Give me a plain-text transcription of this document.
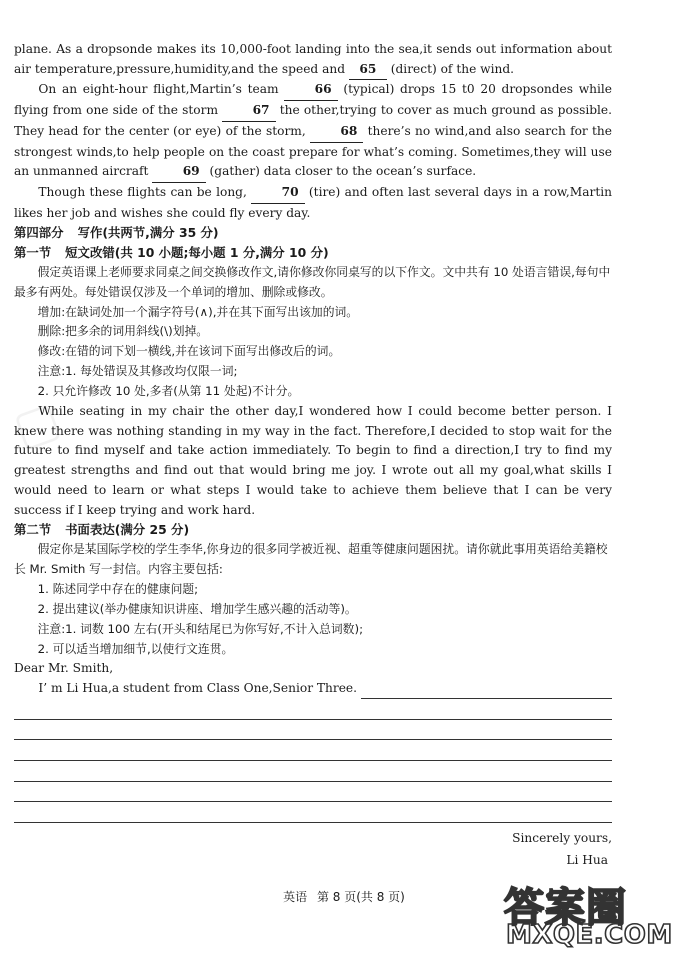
▢

plane. As a dropsonde makes its 10,000-foot landing into the sea,it sends out information about air temperature,pressure,humidity,and the speed and 65 (direct) of the wind.

On an eight-hour flight,Martin’s team	66 (typical) drops 15 t0 20 dropsondes while flying from one side of the storm	67 the other,trying to cover as much ground as possible. They head for the center (or eye) of the storm,	68 there’s no wind,and also search for the strongest winds,to help people on the coast prepare for what’s coming. Sometimes,they will use an unmanned aircraft	69 (gather) data closer to the ocean’s surface.

Though these flights can be long,	70 (tire) and often last several days in a row,Martin likes her job and wishes she could fly every day.

第四部分 写作(共两节,满分 35 分)

第一节 短文改错(共 10 小题;每小题 1 分,满分 10 分)

假定英语课上老师要求同桌之间交换修改作文,请你修改你同桌写的以下作文。文中共有 10 处语言错误,每句中最多有两处。每处错误仅涉及一个单词的增加、删除或修改。

增加:在缺词处加一个漏字符号(∧),并在其下面写出该加的词。

删除:把多余的词用斜线(\)划掉。

修改:在错的词下划一横线,并在该词下面写出修改后的词。

注意:1. 每处错误及其修改均仅限一词;

2. 只允许修改 10 处,多者(从第 11 处起)不计分。

While seating in my chair the other day,I wondered how I could become better person. I knew there was nothing standing in my way in the fact. Therefore,I decided to stop wait for the future to find myself and take action immediately. To begin to find a direction,I try to find my greatest strengths and find out that would bring me joy. I wrote out all my goal,what skills I would need to learn or what steps I would take to achieve them believe that I can be very success if I keep trying and work hard.

第二节 书面表达(满分 25 分)

假定你是某国际学校的学生李华,你身边的很多同学被近视、超重等健康问题困扰。请你就此事用英语给美籍校长 Mr. Smith 写一封信。内容主要包括:

1. 陈述同学中存在的健康问题;

2. 提出建议(举办健康知识讲座、增加学生感兴趣的活动等)。

注意:1. 词数 100 左右(开头和结尾已为你写好,不计入总词数);

2. 可以适当增加细节,以使行文连贯。

Dear Mr. Smith,

I’ m Li Hua,a student from Class One,Senior Three.
Sincerely yours,
Li Hua
英语 第 8 页(共 8 页)	答案圈
MXQE.COM
